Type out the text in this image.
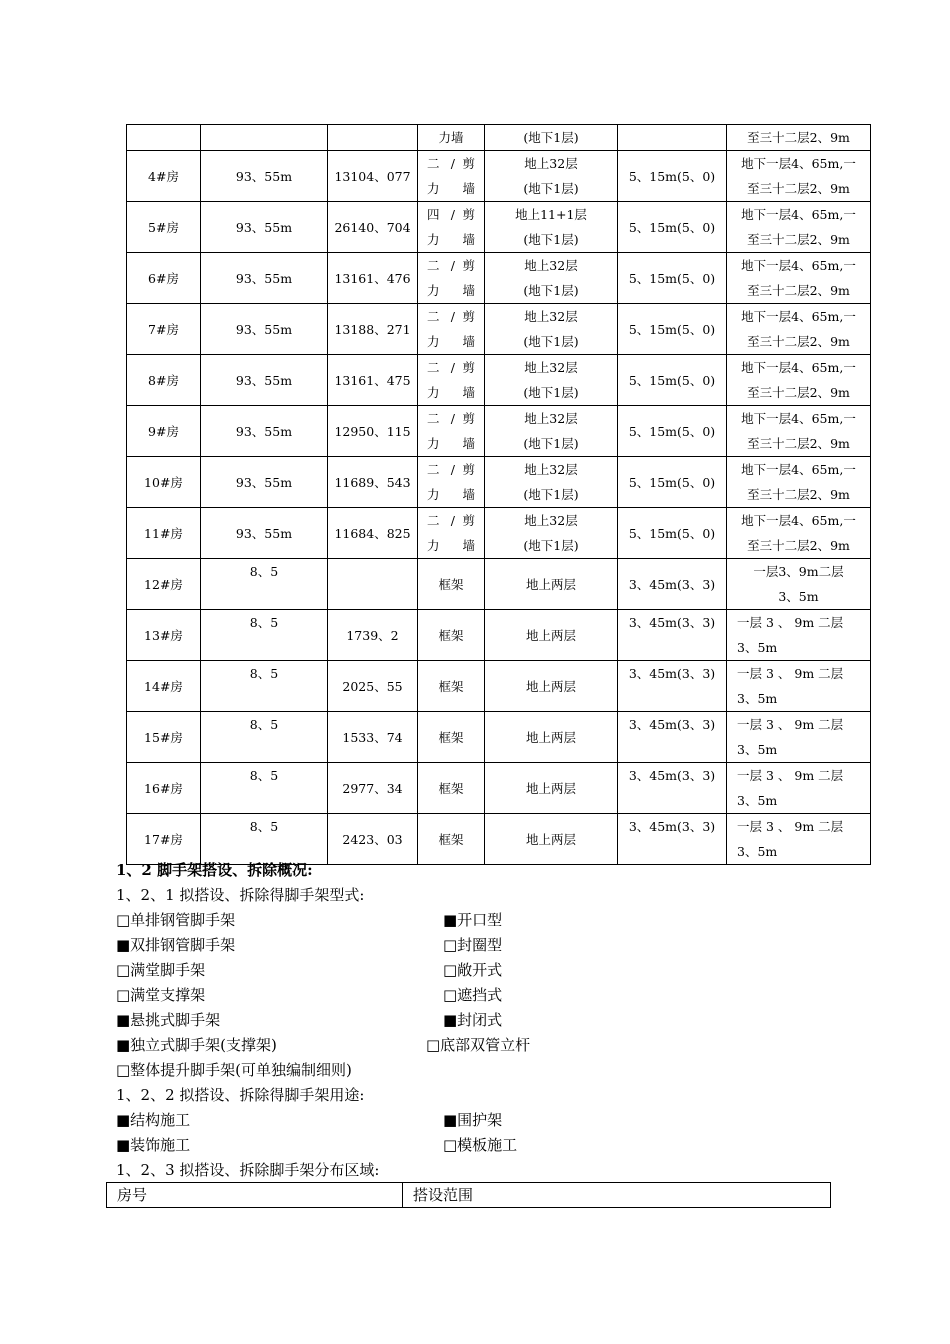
			力墙	(地下1层)		至三十二层2、9m
4#房	93、55m	13104、077	二 / 剪
力墙	地上32层
(地下1层)	5、15m(5、0)	地下一层4、65m,一
至三十二层2、9m

5#房	93、55m	26140、704	四 / 剪
力墙	地上11+1层
(地下1层)	5、15m(5、0)	地下一层4、65m,一
至三十二层2、9m

6#房	93、55m	13161、476	二 / 剪
力墙	地上32层
(地下1层)	5、15m(5、0)	地下一层4、65m,一
至三十二层2、9m

7#房	93、55m	13188、271	二 / 剪
力墙	地上32层
(地下1层)	5、15m(5、0)	地下一层4、65m,一
至三十二层2、9m

8#房	93、55m	13161、475	二 / 剪
力墙	地上32层
(地下1层)	5、15m(5、0)	地下一层4、65m,一
至三十二层2、9m

9#房	93、55m	12950、115	二 / 剪
力墙	地上32层
(地下1层)	5、15m(5、0)	地下一层4、65m,一
至三十二层2、9m

10#房	93、55m	11689、543	二 / 剪
力墙	地上32层
(地下1层)	5、15m(5、0)	地下一层4、65m,一
至三十二层2、9m

11#房	93、55m	11684、825	二 / 剪
力墙	地上32层
(地下1层)	5、15m(5、0)	地下一层4、65m,一
至三十二层2、9m

12#房	8、5		框架	地上两层	3、45m(3、3)	一层3、9m二层
3、5m

13#房	8、5	1739、2	框架	地上两层	3、45m(3、3)	一层 3 、 9m 二层
3、5m

14#房	8、5	2025、55	框架	地上两层	3、45m(3、3)	一层 3 、 9m 二层
3、5m

15#房	8、5	1533、74	框架	地上两层	3、45m(3、3)	一层 3 、 9m 二层
3、5m

16#房	8、5	2977、34	框架	地上两层	3、45m(3、3)	一层 3 、 9m 二层
3、5m

17#房	8、5	2423、03	框架	地上两层	3、45m(3、3)	一层 3 、 9m 二层
3、5m
1、2 脚手架搭设、拆除概况:
1、2、1 拟搭设、拆除得脚手架型式:
□单排钢管脚手架
■双排钢管脚手架
□满堂脚手架
□满堂支撑架
■悬挑式脚手架
■独立式脚手架(支撑架)
□整体提升脚手架(可单独编制细则)
■开口型
□封圈型
□敞开式
□遮挡式
■封闭式
□底部双管立杆
1、2、2 拟搭设、拆除得脚手架用途:
■结构施工
■装饰施工
■围护架
□模板施工
1、2、3 拟搭设、拆除脚手架分布区域:
房号	搭设范围
